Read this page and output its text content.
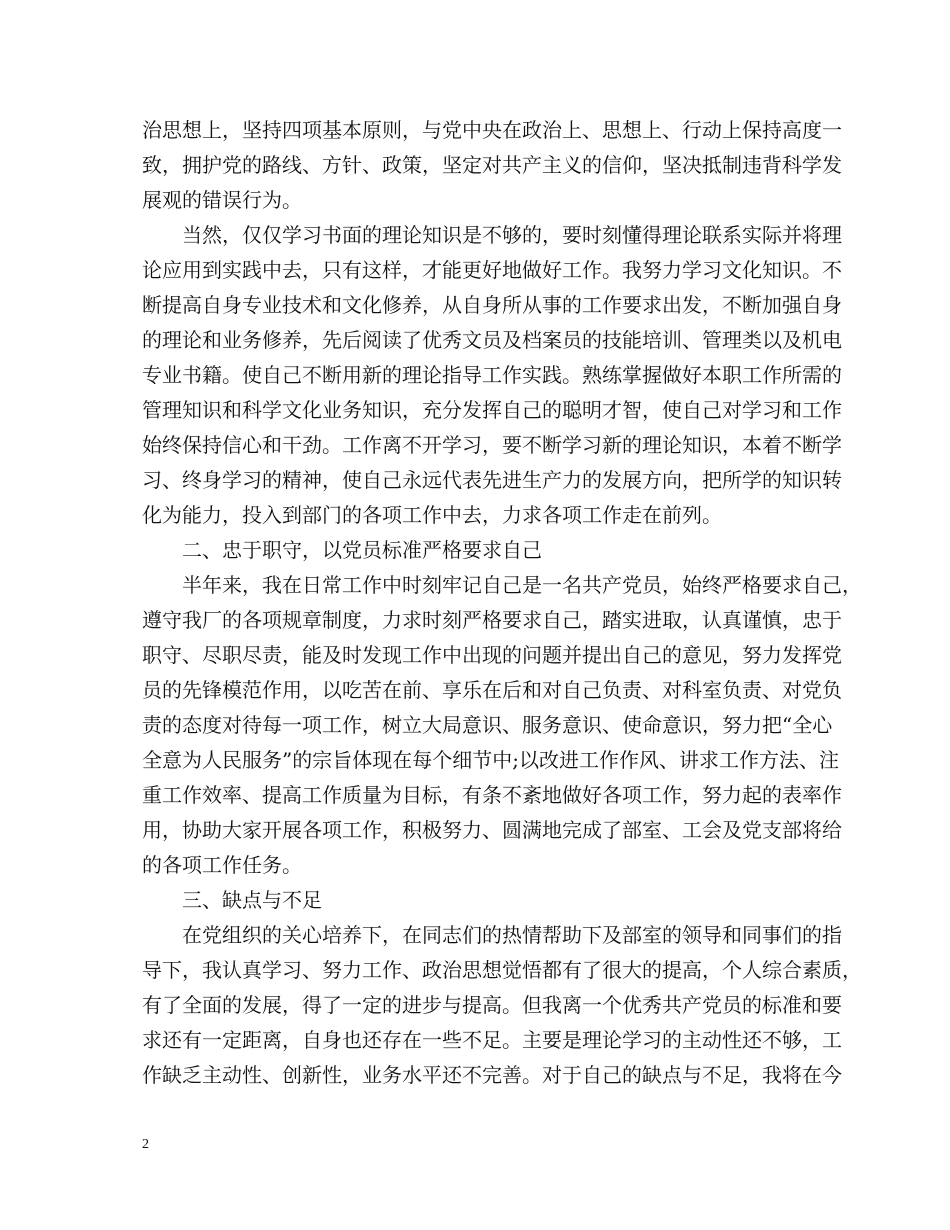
治思想上，坚持四项基本原则，与党中央在政治上、思想上、行动上保持高度一
致，拥护党的路线、方针、政策，坚定对共产主义的信仰，坚决抵制违背科学发
展观的错误行为。
当然，仅仅学习书面的理论知识是不够的，要时刻懂得理论联系实际并将理
论应用到实践中去，只有这样，才能更好地做好工作。我努力学习文化知识。不
断提高自身专业技术和文化修养，从自身所从事的工作要求出发，不断加强自身
的理论和业务修养，先后阅读了优秀文员及档案员的技能培训、管理类以及机电
专业书籍。使自己不断用新的理论指导工作实践。熟练掌握做好本职工作所需的
管理知识和科学文化业务知识，充分发挥自己的聪明才智，使自己对学习和工作
始终保持信心和干劲。工作离不开学习，要不断学习新的理论知识，本着不断学
习、终身学习的精神，使自己永远代表先进生产力的发展方向，把所学的知识转
化为能力，投入到部门的各项工作中去，力求各项工作走在前列。
二、忠于职守，以党员标准严格要求自己
半年来，我在日常工作中时刻牢记自己是一名共产党员，始终严格要求自己，
遵守我厂的各项规章制度，力求时刻严格要求自己，踏实进取，认真谨慎，忠于
职守、尽职尽责，能及时发现工作中出现的问题并提出自己的意见，努力发挥党
员的先锋模范作用，以吃苦在前、享乐在后和对自己负责、对科室负责、对党负
责的态度对待每一项工作，树立大局意识、服务意识、使命意识，努力把“全心
全意为人民服务”的宗旨体现在每个细节中;以改进工作作风、讲求工作方法、注
重工作效率、提高工作质量为目标，有条不紊地做好各项工作，努力起的表率作
用，协助大家开展各项工作，积极努力、圆满地完成了部室、工会及党支部将给
的各项工作任务。
三、缺点与不足
在党组织的关心培养下，在同志们的热情帮助下及部室的领导和同事们的指
导下，我认真学习、努力工作、政治思想觉悟都有了很大的提高，个人综合素质，
有了全面的发展，得了一定的进步与提高。但我离一个优秀共产党员的标准和要
求还有一定距离，自身也还存在一些不足。主要是理论学习的主动性还不够，工
作缺乏主动性、创新性，业务水平还不完善。对于自己的缺点与不足，我将在今
2
